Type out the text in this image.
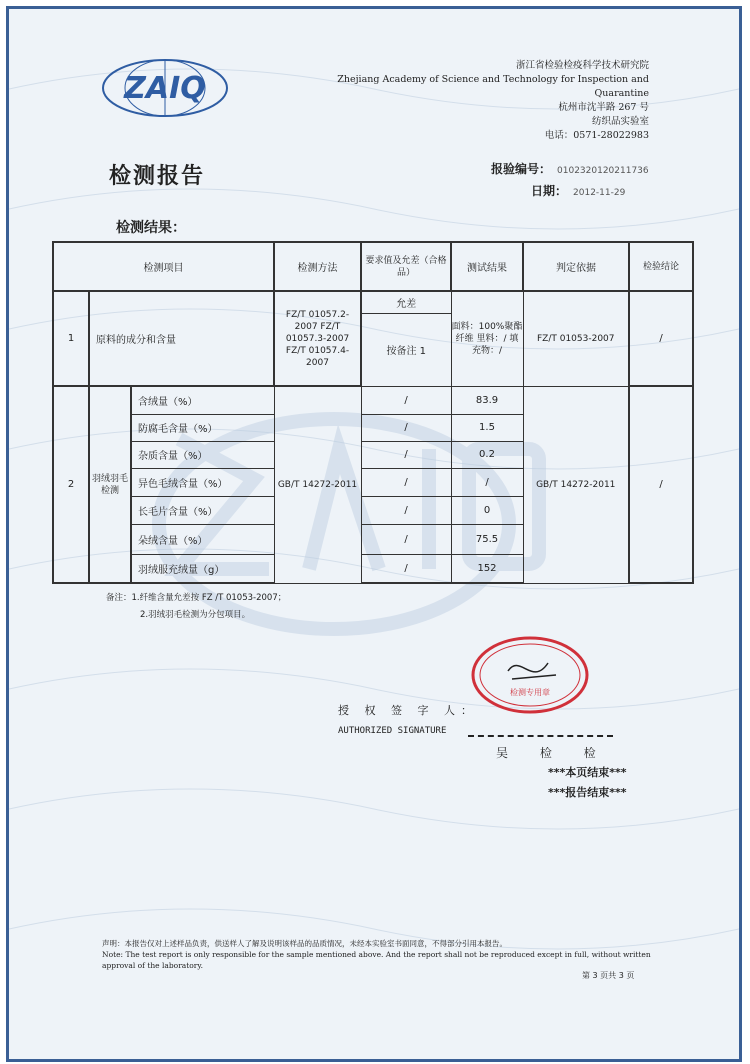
ZAIQ
浙江省检验检疫科学技术研究院
Zhejiang Academy of Science and Technology for Inspection and Quarantine
杭州市沈半路 267 号
纺织品实验室
电话：0571-28022983
检测报告	报验编号： 0102320120211736
日期： 2012-11-29
检测结果：
检测项目			检测方法	要求值及允差（合格品）	测试结果	判定依据	检验结论
1	原料的成分和含量		FZ/T 01057.2-2007 FZ/T 01057.3-2007 FZ/T 01057.4-2007	允差	面料：100%聚酯纤维 里料：/ 填充物：/	FZ/T 01053-2007	/
				按备注 1			
2	羽绒羽毛检测	含绒量（%）	GB/T 14272-2011	/	83.9	GB/T 14272-2011	/
		防腐毛含量（%）		/	1.5		
		杂质含量（%）		/	0.2		
		异色毛绒含量（%）		/	/		
		长毛片含量（%）		/	0		
		朵绒含量（%）		/	75.5		
		羽绒服充绒量（g）		/	152		
备注：1.纤维含量允差按 FZ /T 01053-2007；
2.羽绒羽毛检测为分包项目。
检测专用章
授 权 签 字 人：
AUTHORIZED SIGNATURE
吴 检 检
***本页结束***
***报告结束***
声明：本报告仅对上述样品负责，供送样人了解及说明该样品的品质情况，未经本实验室书面同意，不得部分引用本报告。
Note: The test report is only responsible for the sample mentioned above. And the report shall not be reproduced except in full, without written approval of the laboratory.
第 3 页共 3 页
